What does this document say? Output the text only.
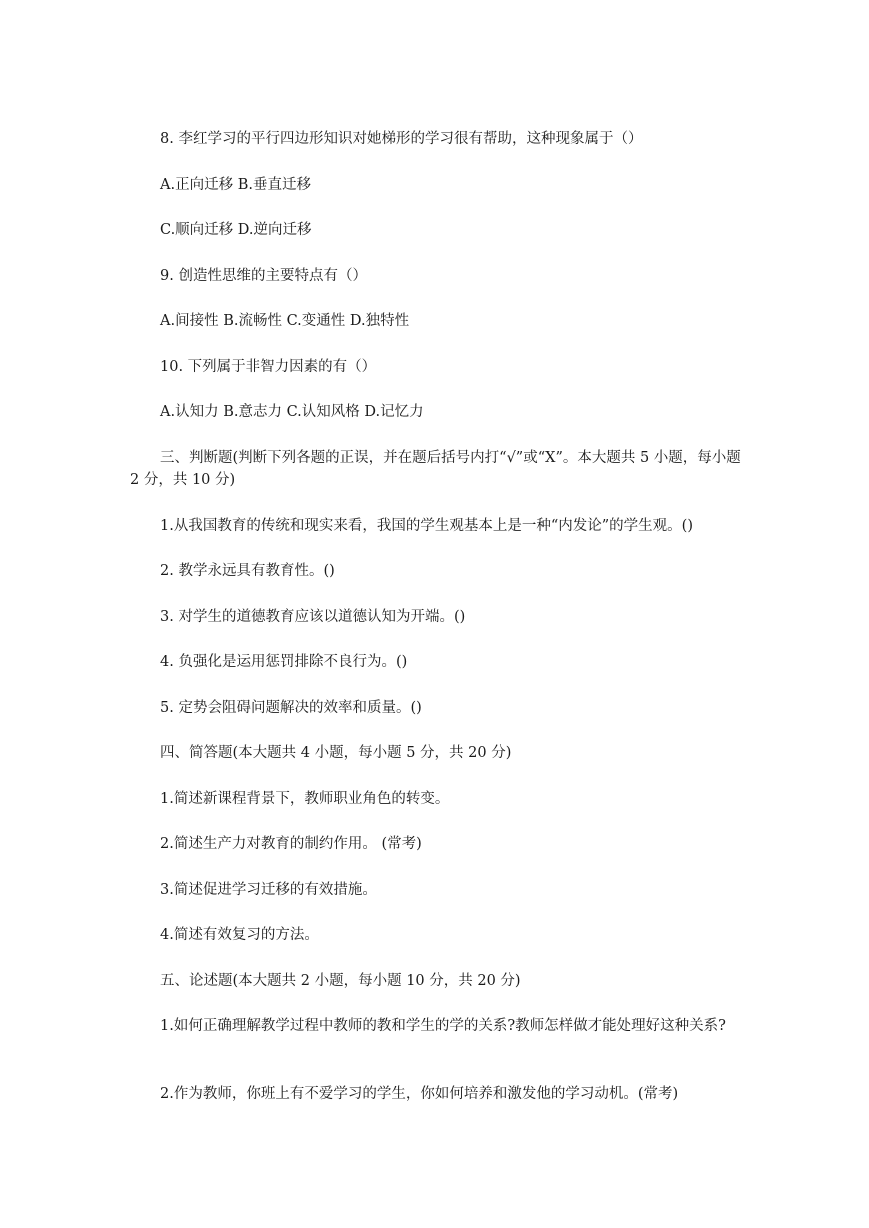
8. 李红学习的平行四边形知识对她梯形的学习很有帮助，这种现象属于（）
A.正向迁移 B.垂直迁移
C.顺向迁移 D.逆向迁移
9. 创造性思维的主要特点有（）
A.间接性 B.流畅性 C.变通性 D.独特性
10. 下列属于非智力因素的有（）
A.认知力 B.意志力 C.认知风格 D.记忆力
三、判断题(判断下列各题的正误，并在题后括号内打“√”或“X”。本大题共 5 小题，每小题 2 分，共 10 分)
1.从我国教育的传统和现实来看，我国的学生观基本上是一种“内发论”的学生观。()
2. 教学永远具有教育性。()
3. 对学生的道德教育应该以道德认知为开端。()
4. 负强化是运用惩罚排除不良行为。()
5. 定势会阻碍问题解决的效率和质量。()
四、简答题(本大题共 4 小题，每小题 5 分，共 20 分)
1.简述新课程背景下，教师职业角色的转变。
2.简述生产力对教育的制约作用。 (常考)
3.简述促进学习迁移的有效措施。
4.简述有效复习的方法。
五、论述题(本大题共 2 小题，每小题 10 分，共 20 分)
1.如何正确理解教学过程中教师的教和学生的学的关系?教师怎样做才能处理好这种关系?
2.作为教师，你班上有不爱学习的学生，你如何培养和激发他的学习动机。(常考)
